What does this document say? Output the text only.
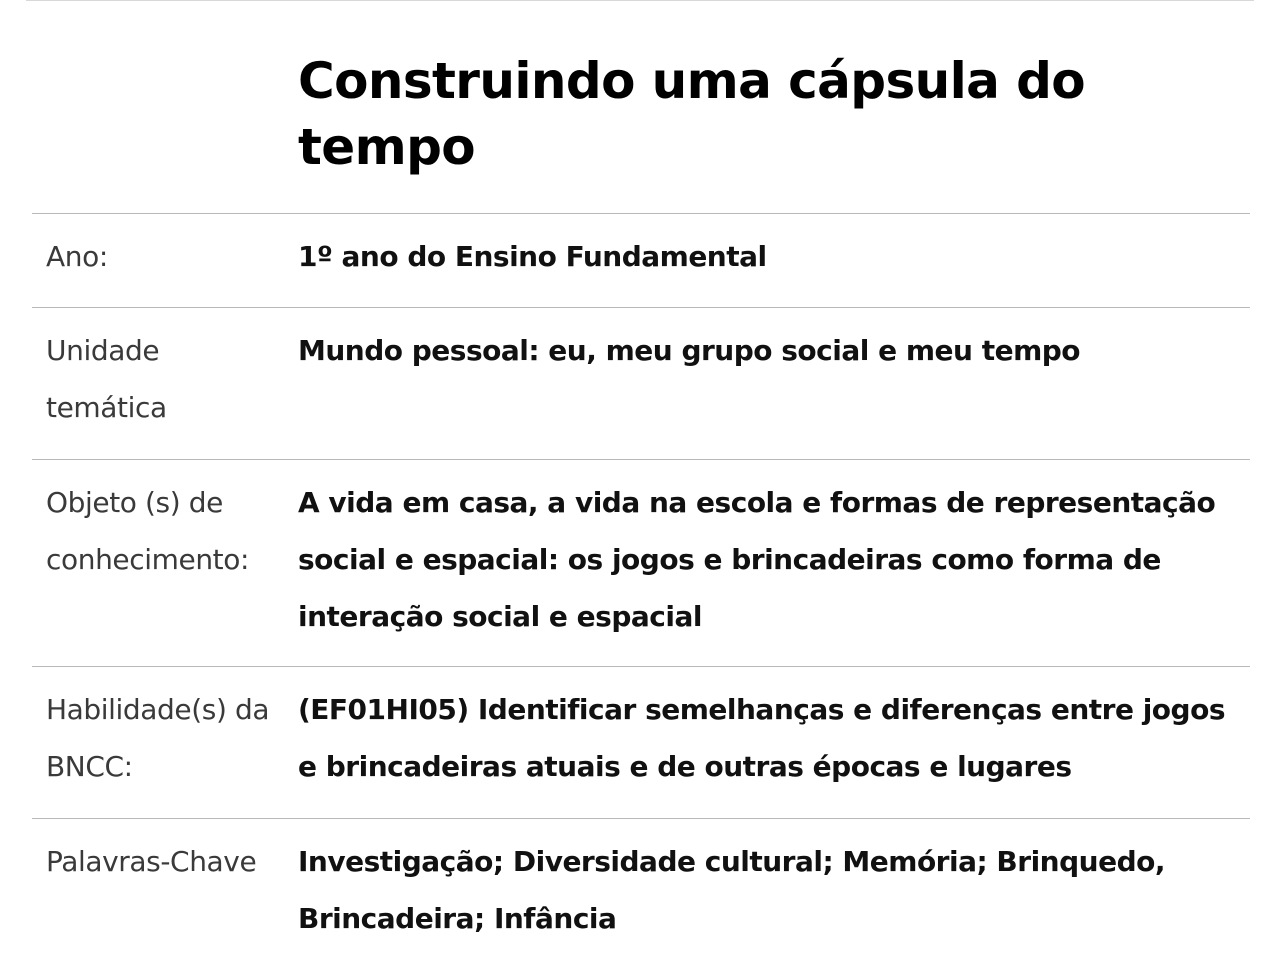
Construindo uma cápsula do tempo
Ano:	1º ano do Ensino Fundamental
Unidade temática
Mundo pessoal: eu, meu grupo social e meu tempo
Objeto (s) de conhecimento:
A vida em casa, a vida na escola e formas de representação social e espacial: os jogos e brincadeiras como forma de interação social e espacial
Habilidade(s) da BNCC:
(EF01HI05) Identificar semelhanças e diferenças entre jogos e brincadeiras atuais e de outras épocas e lugares
Palavras-Chave	Investigação; Diversidade cultural; Memória; Brinquedo, Brincadeira; Infância
